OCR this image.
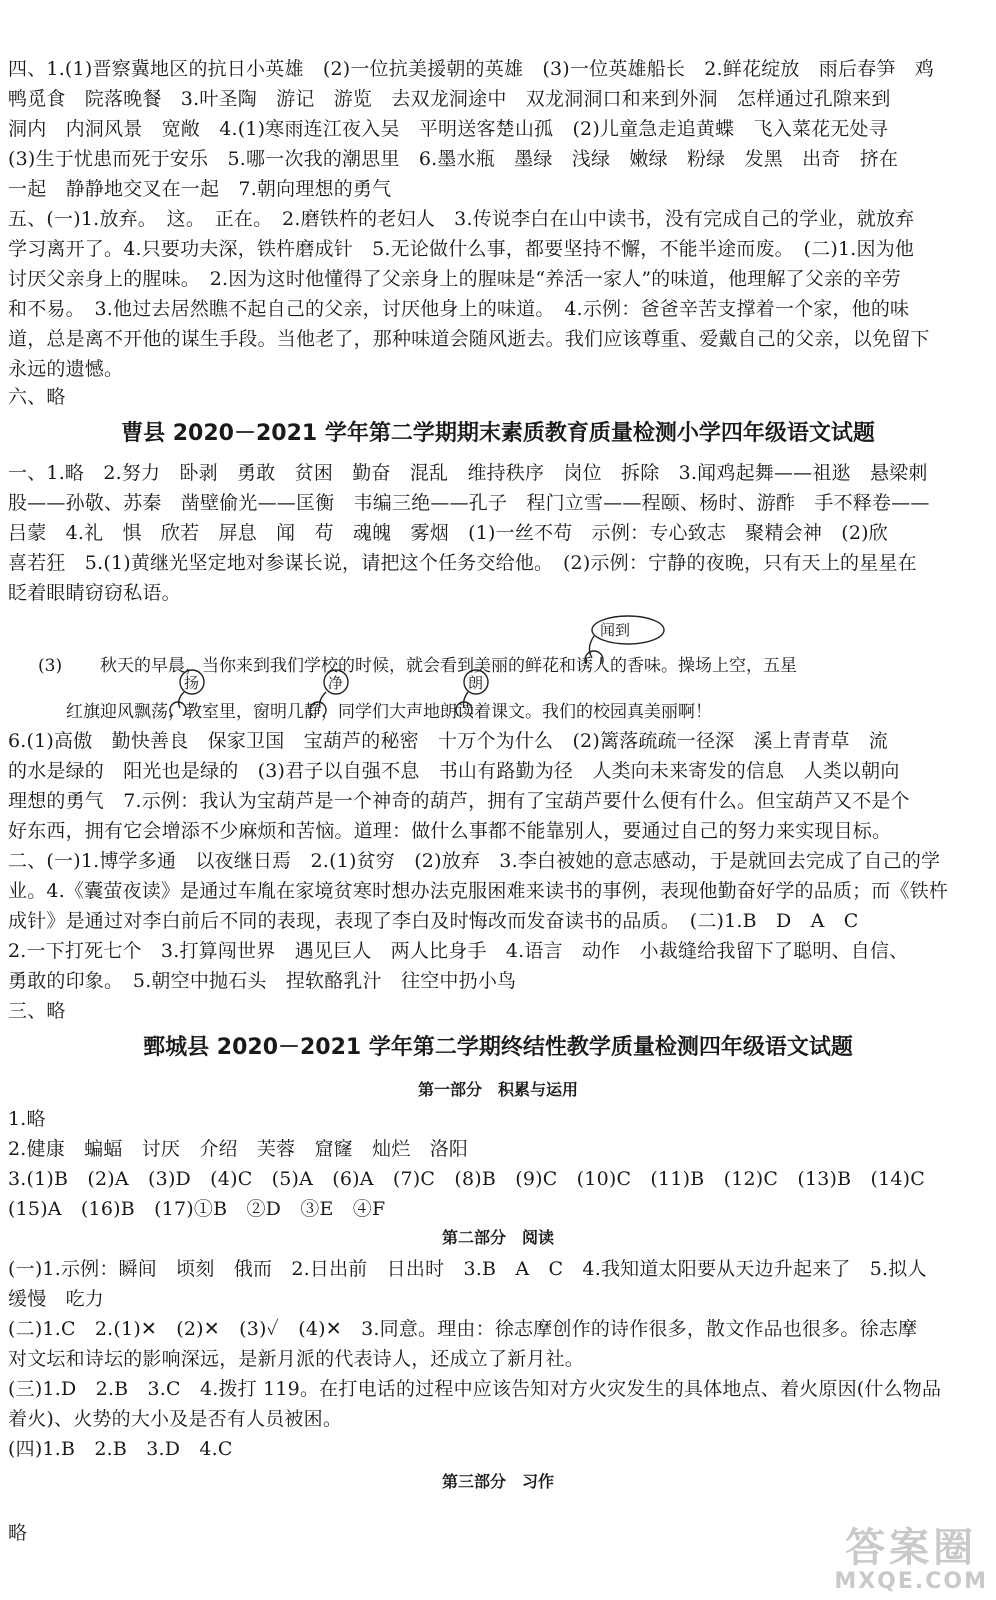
四、1.(1)晋察冀地区的抗日小英雄　(2)一位抗美援朝的英雄　(3)一位英雄船长　2.鲜花绽放　雨后春笋　鸡
鸭觅食　院落晚餐　3.叶圣陶　游记　游览　去双龙洞途中　双龙洞洞口和来到外洞　怎样通过孔隙来到
洞内　内洞风景　宽敞　4.(1)寒雨连江夜入吴　平明送客楚山孤　(2)儿童急走追黄蝶　飞入菜花无处寻
(3)生于忧患而死于安乐　5.哪一次我的潮思里　6.墨水瓶　墨绿　浅绿　嫩绿　粉绿　发黑　出奇　挤在
一起　静静地交叉在一起　7.朝向理想的勇气
五、(一)1.放弃。　这。　正在。　2.磨铁杵的老妇人　3.传说李白在山中读书，没有完成自己的学业，就放弃
学习离开了。4.只要功夫深，铁杵磨成针　5.无论做什么事，都要坚持不懈，不能半途而废。　(二)1.因为他
讨厌父亲身上的腥味。　2.因为这时他懂得了父亲身上的腥味是“养活一家人”的味道，他理解了父亲的辛劳
和不易。　3.他过去居然瞧不起自己的父亲，讨厌他身上的味道。　4.示例：爸爸辛苦支撑着一个家，他的味
道，总是离不开他的谋生手段。当他老了，那种味道会随风逝去。我们应该尊重、爱戴自己的父亲，以免留下
永远的遗憾。
六、略
曹县 2020－2021 学年第二学期期末素质教育质量检测小学四年级语文试题
一、1.略　2.努力　卧剥　勇敢　贫困　勤奋　混乱　维持秩序　岗位　拆除　3.闻鸡起舞——祖逖　悬梁刺
股——孙敬、苏秦　凿壁偷光——匡衡　韦编三绝——孔子　程门立雪——程颐、杨时、游酢　手不释卷——
吕蒙　4.礼　惧　欣若　屏息　闻　苟　魂魄　雾烟　(1)一丝不苟　示例：专心致志　聚精会神　(2)欣
喜若狂　5.(1)黄继光坚定地对参谋长说，请把这个任务交给他。　(2)示例：宁静的夜晚，只有天上的星星在
眨着眼睛窃窃私语。
(3) 秋天的早晨，当你来到我们学校的时候，就会看到美丽的鲜花和诱人的香味。操场上空，五星
红旗迎风飘荡，教室里，窗明几静，同学们大声地朗读着课文。我们的校园真美丽啊！
闻到
扬	净	朗
6.(1)高傲　勤快善良　保家卫国　宝葫芦的秘密　十万个为什么　(2)篱落疏疏一径深　溪上青青草　流
的水是绿的　阳光也是绿的　(3)君子以自强不息　书山有路勤为径　人类向未来寄发的信息　人类以朝向
理想的勇气　7.示例：我认为宝葫芦是一个神奇的葫芦，拥有了宝葫芦要什么便有什么。但宝葫芦又不是个
好东西，拥有它会增添不少麻烦和苦恼。道理：做什么事都不能靠别人，要通过自己的努力来实现目标。
二、(一)1.博学多通　以夜继日焉　2.(1)贫穷　(2)放弃　3.李白被她的意志感动，于是就回去完成了自己的学
业。4.《囊萤夜读》是通过车胤在家境贫寒时想办法克服困难来读书的事例，表现他勤奋好学的品质；而《铁杵
成针》是通过对李白前后不同的表现，表现了李白及时悔改而发奋读书的品质。　(二)1.B　D　A　C
2.一下打死七个　3.打算闯世界　遇见巨人　两人比身手　4.语言　动作　小裁缝给我留下了聪明、自信、
勇敢的印象。　5.朝空中抛石头　捏软酪乳汁　往空中扔小鸟
三、略
鄄城县 2020－2021 学年第二学期终结性教学质量检测四年级语文试题
第一部分　积累与运用
1.略
2.健康　蝙蝠　讨厌　介绍　芙蓉　窟窿　灿烂　洛阳
3.(1)B　(2)A　(3)D　(4)C　(5)A　(6)A　(7)C　(8)B　(9)C　(10)C　(11)B　(12)C　(13)B　(14)C
(15)A　(16)B　(17)①B　②D　③E　④F
第二部分　阅读
(一)1.示例：瞬间　顷刻　俄而　2.日出前　日出时　3.B　A　C　4.我知道太阳要从天边升起来了　5.拟人
缓慢　吃力
(二)1.C　2.(1)✕　(2)✕　(3)✓　(4)✕　3.同意。理由：徐志摩创作的诗作很多，散文作品也很多。徐志摩
对文坛和诗坛的影响深远，是新月派的代表诗人，还成立了新月社。
(三)1.D　2.B　3.C　4.拨打 119。在打电话的过程中应该告知对方火灾发生的具体地点、着火原因(什么物品
着火)、火势的大小及是否有人员被困。
(四)1.B　2.B　3.D　4.C
第三部分　习作
略	答案圈
MXQE.COM
